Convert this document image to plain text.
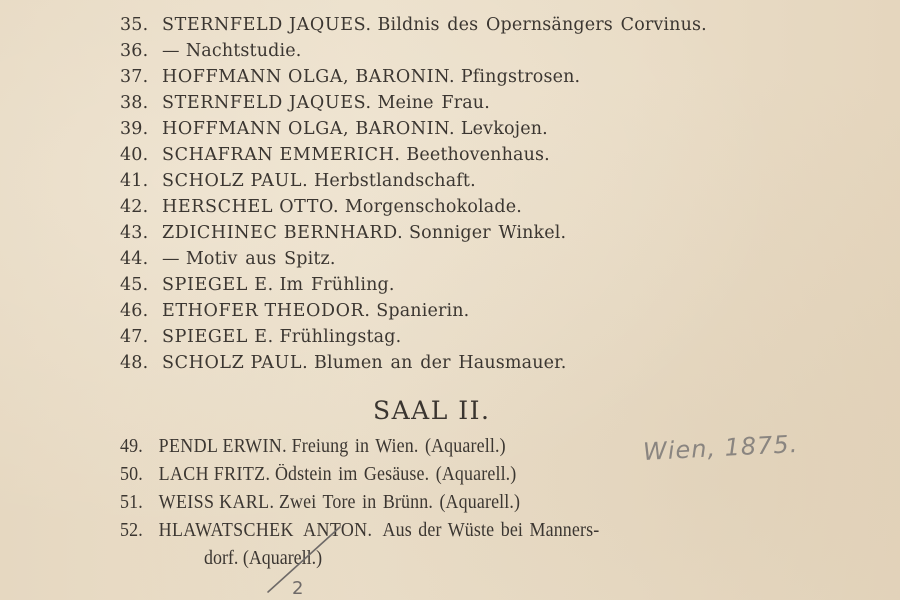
35. STERNFELD JAQUES. Bildnis des Opernsängers Corvinus.
36. — Nachtstudie.
37. HOFFMANN OLGA, BARONIN. Pfingstrosen.
38. STERNFELD JAQUES. Meine Frau.
39. HOFFMANN OLGA, BARONIN. Levkojen.
40. SCHAFRAN EMMERICH. Beethovenhaus.
41. SCHOLZ PAUL. Herbstlandschaft.
42. HERSCHEL OTTO. Morgenschokolade.
43. ZDICHINEC BERNHARD. Sonniger Winkel.
44. — Motiv aus Spitz.
45. SPIEGEL E. Im Frühling.
46. ETHOFER THEODOR. Spanierin.
47. SPIEGEL E. Frühlingstag.
48. SCHOLZ PAUL. Blumen an der Hausmauer.
SAAL II.
49. PENDL ERWIN. Freiung in Wien. (Aquarell.)
50. LACH FRITZ. Ödstein im Gesäuse. (Aquarell.)
51. WEISS KARL. Zwei Tore in Brünn. (Aquarell.)
52. HLAWATSCHEK ANTON. Aus der Wüste bei Manners-
dorf. (Aquarell.)
Wien, 1875.
2
